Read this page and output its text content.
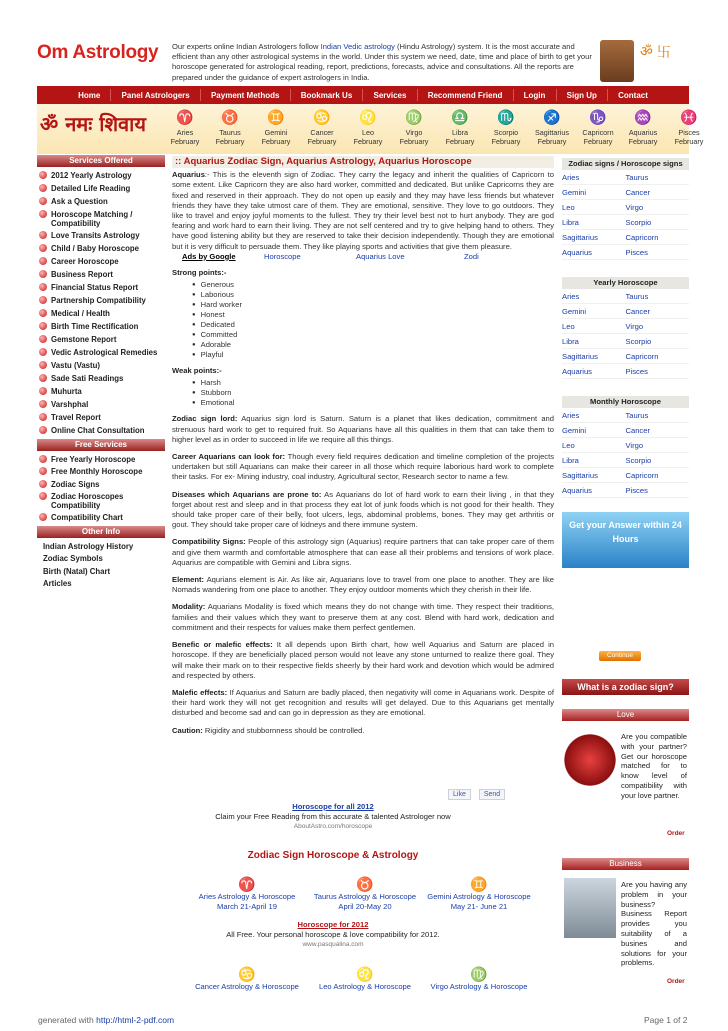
Om Astrology Our experts online Indian Astrologers follow Indian Vedic astrology (Hindu Astrology) system. It is the most accurate and efficient than any other astrological systems in the world. Under this system we need, date, time and place of birth to get your horoscope generated for astrological reading, report, predictions, forecasts, advice and consultations. All the reports are prepared under the guidance of expert astrologers in India.
ॐ 卐
Home	Panel Astrologers	Payment Methods	Bookmark Us	Services	Recommend Friend	Login	Sign Up	Contact
ॐ नमः शिवाय	♈
Aries
February
♉
Taurus
February
♊
Gemini
February
♋
Cancer
February
♌
Leo
February
♍
Virgo
February
♎
Libra
February
♏
Scorpio
February
♐
Sagittarius
February
♑
Capricorn
February
♒
Aquarius
February
♓
Pisces
February
Services Offered
2012 Yearly Astrology
Detailed Life Reading
Ask a Question
Horoscope Matching / Compatibility
Love Transits Astrology
Child / Baby Horoscope
Career Horoscope
Business Report
Financial Status Report
Partnership Compatibility
Medical / Health
Birth Time Rectification
Gemstone Report
Vedic Astrological Remedies
Vastu (Vastu)
Sade Sati Readings
Muhurta
Varshphal
Travel Report
Online Chat Consultation
Free Services
Free Yearly Horoscope
Free Monthly Horoscope
Zodiac Signs
Zodiac Horoscopes Compatibility
Compatibility Chart
Other Info
Indian Astrology History
Zodiac Symbols
Birth (Natal) Chart
Articles
:: Aquarius Zodiac Sign, Aquarius Astrology, Aquarius Horoscope

Aquarius:- This is the eleventh sign of Zodiac. They carry the legacy and inherit the qualities of Capricorn to some extent. Like Capricorn they are also hard worker, committed and dedicated. But unlike Capricorns they are fixed and reserved in their approach. They do not open up easily and they may have less friends but whatever friends they have they take utmost care of them. They are emotional, sensitive. They love to go outdoors. They like to travel and enjoy joyful moments to the fullest. They try their level best not to hurt anybody. They are god fearing and work hard to earn their living. They are not self centered and try to give helping hand to others. They have good listening ability but they are reserved to take their decision independently. Though they are emotional but it is very difficult to persuade them. They like playing sports and activities that give them pleasure.

Ads by Google	Horoscope	Aquarius Love	Zodi

Strong points:-

● Generous
● Laborious
● Hard worker
● Honest
● Dedicated
● Committed
● Adorable
● Playful

Weak points:-

● Harsh
● Stubborn
● Emotional

Zodiac sign lord: Aquarius sign lord is Saturn. Saturn is a planet that likes dedication, commitment and strenuous hard work to get to required fruit. So Aquarians have all this qualities in them that can take them to higher level as in order to succeed in life we require all this things.

Career Aquarians can look for: Though every field requires dedication and timeline completion of the projects undertaken but still Aquarians can make their career in all those which require laborious hard work to complete their tasks. For ex- Mining industry, coal industry, Agricultural sector, Research sector to name a few.

Diseases which Aquarians are prone to: As Aquarians do lot of hard work to earn their living , in that they forget about rest and sleep and in that process they eat lot of junk foods which is not good for their health. They should take proper care of their belly, foot ulcers, legs, abdominal problems, bones. They may get arthritis or gout. They should take proper care of kidneys and there immune system.

Compatibility Signs: People of this astrology sign (Aquarius) require partners that can take proper care of them and give them warmth and comfortable atmosphere that can ease all their problems and tensions of work place. Aquarius are compatible with Gemini and Libra signs.

Element: Aqurians element is Air. As like air, Aquarians love to travel from one place to another. They are like Nomads wandering from one place to another. They enjoy outdoor moments which they cherish in their life.

Modality: Aquarians Modality is fixed which means they do not change with time. They respect their traditions, families and their values which they want to preserve them at any cost. Blend with hard work, dedication and commitment and their respects for values make them perfect gentlemen.

Benefic or malefic effects: It all depends upon Birth chart, how well Aquarius and Saturn are placed in horoscope. If they are beneficially placed person would not leave any stone unturned to realize there goal. They will make their mark on to their respective fields sheerly by their hard work and devotion which would be admired and respected by others.

Malefic effects: If Aquarius and Saturn are badly placed, then negativity will come in Aquarians work. Despite of their hard work they will not get recognition and results will get delayed. Due to this Aquarians get mentally disturbed and become sad and can go in depression as they are emotional.

Caution: Rigidity and stubbornness should be controlled.

Like	Send
Horoscope for all 2012
Claim your Free Reading from this accurate & talented Astrologer now
AboutAstro.com/horoscope
Zodiac Sign Horoscope & Astrology
♈
Aries Astrology & Horoscope
March 21-April 19
♉
Taurus Astrology & Horoscope
April 20-May 20
♊
Gemini Astrology & Horoscope
May 21- June 21
Horoscope for 2012
All Free. Your personal horoscope & love compatibility for 2012.
www.pasqualina.com
♋
Cancer Astrology & Horoscope
♌
Leo Astrology & Horoscope
♍
Virgo Astrology & Horoscope
Zodiac signs / Horoscope signs
Aries	Taurus
Gemini	Cancer
Leo	Virgo
Libra	Scorpio
Sagittarius	Capricorn
Aquarius	Pisces
Yearly Horoscope
Aries	Taurus
Gemini	Cancer
Leo	Virgo
Libra	Scorpio
Sagittarius	Capricorn
Aquarius	Pisces
Monthly Horoscope
Aries	Taurus
Gemini	Cancer
Leo	Virgo
Libra	Scorpio
Sagittarius	Capricorn
Aquarius	Pisces
Get your Answer within 24 Hours
Continue
What is a zodiac sign?
Love
Are you compatible with your partner? Get our horoscope matched for to know level of compatibility with your love partner.
Order
Business
Are you having any problem in your business? Business Report provides you suitability of a busines and solutions for your problems.
Order
generated with http://html-2-pdf.com	Page 1 of 2
